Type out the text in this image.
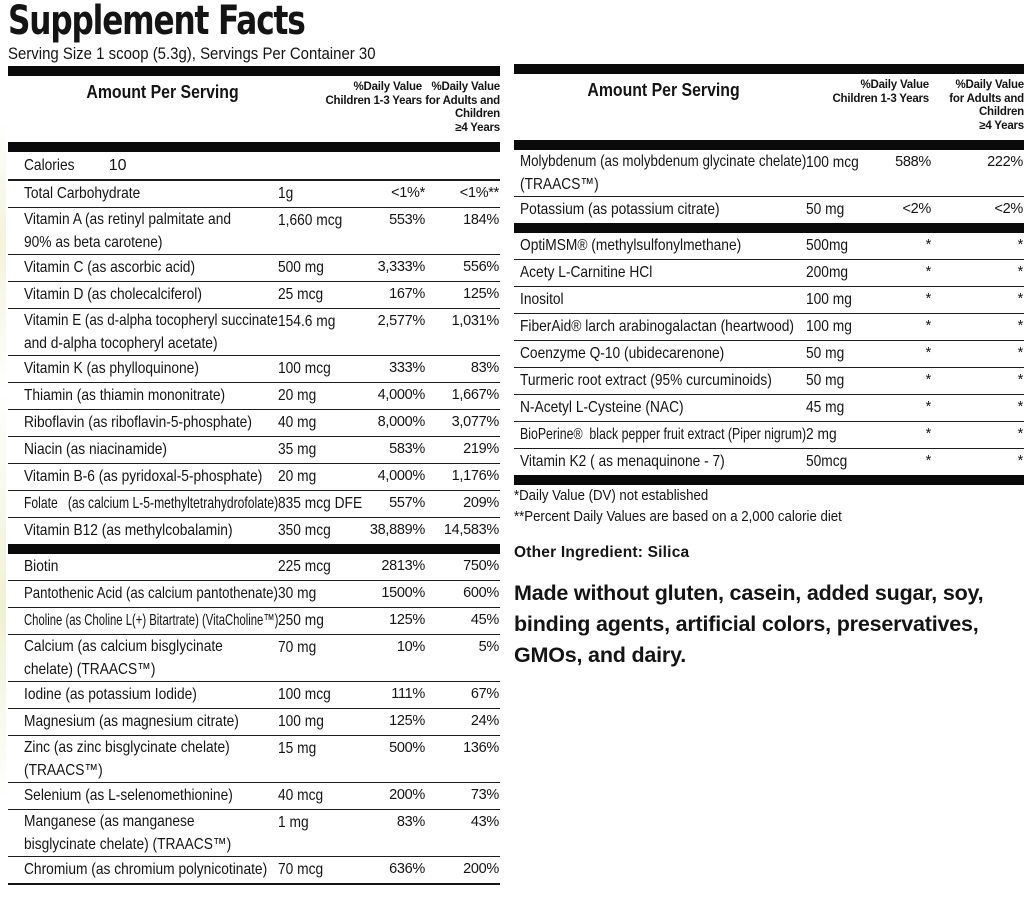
Supplement Facts
Serving Size 1 scoop (5.3g), Servings Per Container 30
Amount Per Serving	%Daily Value
Children 1-3 Years
%Daily Value
for Adults and
Children
≥4 Years
Calories 10
Total Carbohydrate	1g	<1%*	<1%**
Vitamin A (as retinyl palmitate and
90% as beta carotene)
1,660 mcg	553%	184%
Vitamin C (as ascorbic acid)	500 mg	3,333%	556%
Vitamin D (as cholecalciferol)	25 mcg	167%	125%
Vitamin E (as d-alpha tocopheryl succinate
and d-alpha tocopheryl acetate)
154.6 mg	2,577%	1,031%
Vitamin K (as phylloquinone)	100 mcg	333%	83%
Thiamin (as thiamin mononitrate)	20 mg	4,000%	1,667%
Riboflavin (as riboflavin-5-phosphate)	40 mg	8,000%	3,077%
Niacin (as niacinamide)	35 mg	583%	219%
Vitamin B-6 (as pyridoxal-5-phosphate) 20 mg	4,000%	1,176%
Folate   (as calcium L-5-methyltetrahydrofolate) 835 mcg DFE	557%	209%
Vitamin B12 (as methylcobalamin)	350 mcg	38,889%	14,583%
Biotin	225 mcg	2813%	750%
Pantothenic Acid (as calcium pantothenate) 30 mg	1500%	600%
Choline (as Choline L(+) Bitartrate) (VitaCholine™) 250 mg	125%	45%
Calcium (as calcium bisglycinate
chelate) (TRAACS™)
70 mg	10%	5%
Iodine (as potassium Iodide)	100 mcg	111%	67%
Magnesium (as magnesium citrate)	100 mg	125%	24%
Zinc (as zinc bisglycinate chelate)
(TRAACS™)
15 mg	500%	136%
Selenium (as L-selenomethionine)	40 mcg	200%	73%
Manganese (as manganese
bisglycinate chelate) (TRAACS™)
1 mg	83%	43%
Chromium (as chromium polynicotinate) 70 mcg	636%	200%
Amount Per Serving	%Daily Value
Children 1-3 Years
%Daily Value
for Adults and
Children
≥4 Years
Molybdenum (as molybdenum glycinate chelate)
(TRAACS™)
100 mcg	588%	222%
Potassium (as potassium citrate)	50 mg	<2%	<2%
OptiMSM® (methylsulfonylmethane)	500mg	*	*
Acety L-Carnitine HCl	200mg	*	*
Inositol	100 mg	*	*
FiberAid® larch arabinogalactan (heartwood) 100 mg	*	*
Coenzyme Q-10 (ubidecarenone)	50 mg	*	*
Turmeric root extract (95% curcuminoids)	50 mg	*	*
N-Acetyl L-Cysteine (NAC)	45 mg	*	*
BioPerine®  black pepper fruit extract (Piper nigrum) 2 mg	*	*
Vitamin K2 ( as menaquinone - 7)	50mcg	*	*
*Daily Value (DV) not established
**Percent Daily Values are based on a 2,000 calorie diet
Other Ingredient: Silica

Made without gluten, casein, added sugar, soy, binding agents, artificial colors, preservatives, GMOs, and dairy.
